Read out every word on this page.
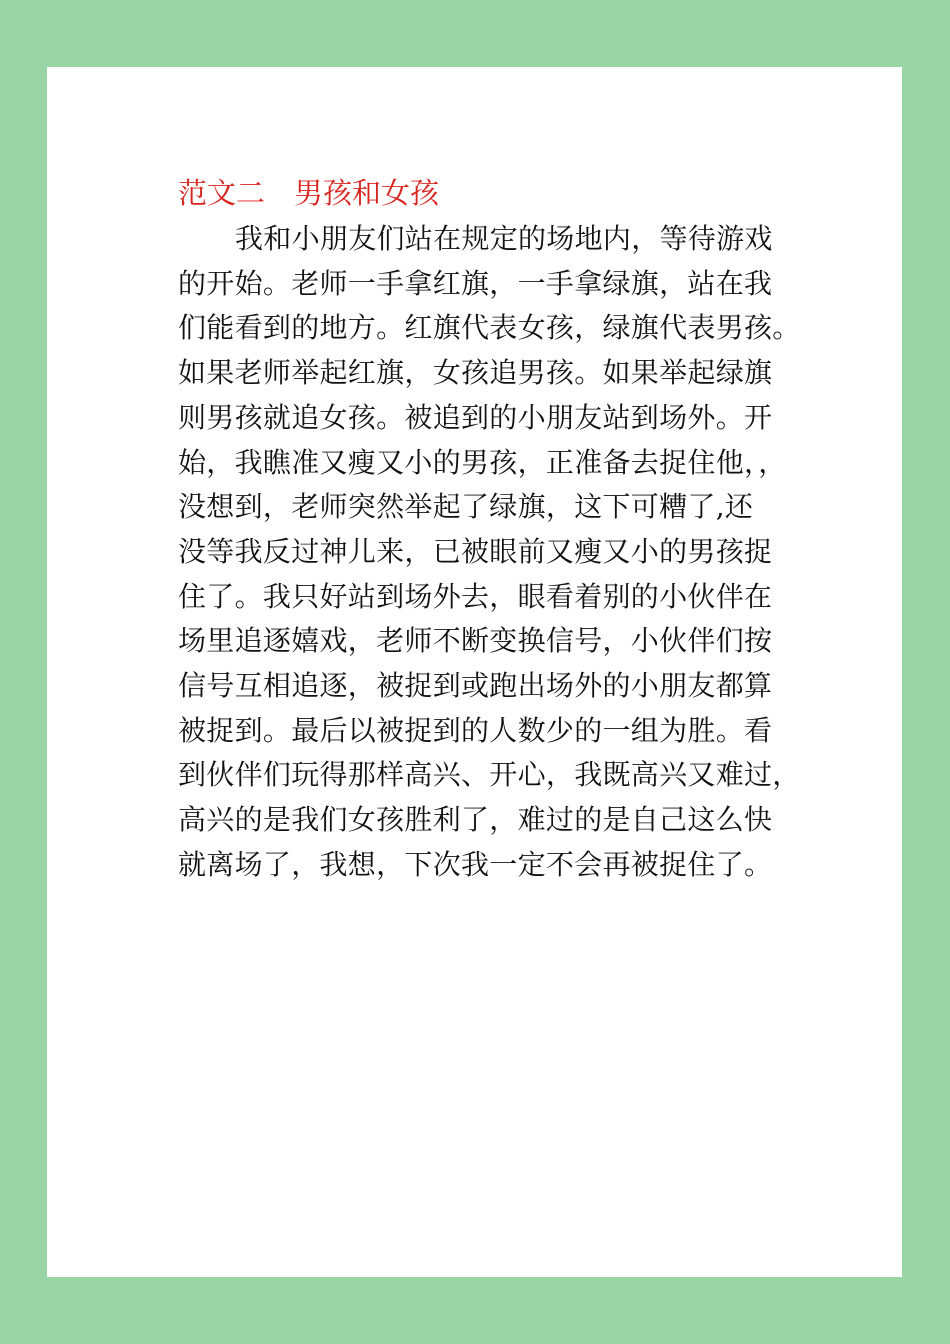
范文二　男孩和女孩
我和小朋友们站在规定的场地内，等待游戏
的开始。老师一手拿红旗，一手拿绿旗，站在我
们能看到的地方。红旗代表女孩，绿旗代表男孩。
如果老师举起红旗，女孩追男孩。如果举起绿旗
则男孩就追女孩。被追到的小朋友站到场外。开
始，我瞧准又瘦又小的男孩，正准备去捉住他，，
没想到，老师突然举起了绿旗，这下可糟了,还
没等我反过神儿来，已被眼前又瘦又小的男孩捉
住了。我只好站到场外去，眼看着别的小伙伴在
场里追逐嬉戏，老师不断变换信号，小伙伴们按
信号互相追逐，被捉到或跑出场外的小朋友都算
被捉到。最后以被捉到的人数少的一组为胜。看
到伙伴们玩得那样高兴、开心，我既高兴又难过，
高兴的是我们女孩胜利了，难过的是自己这么快
就离场了，我想，下次我一定不会再被捉住了。
